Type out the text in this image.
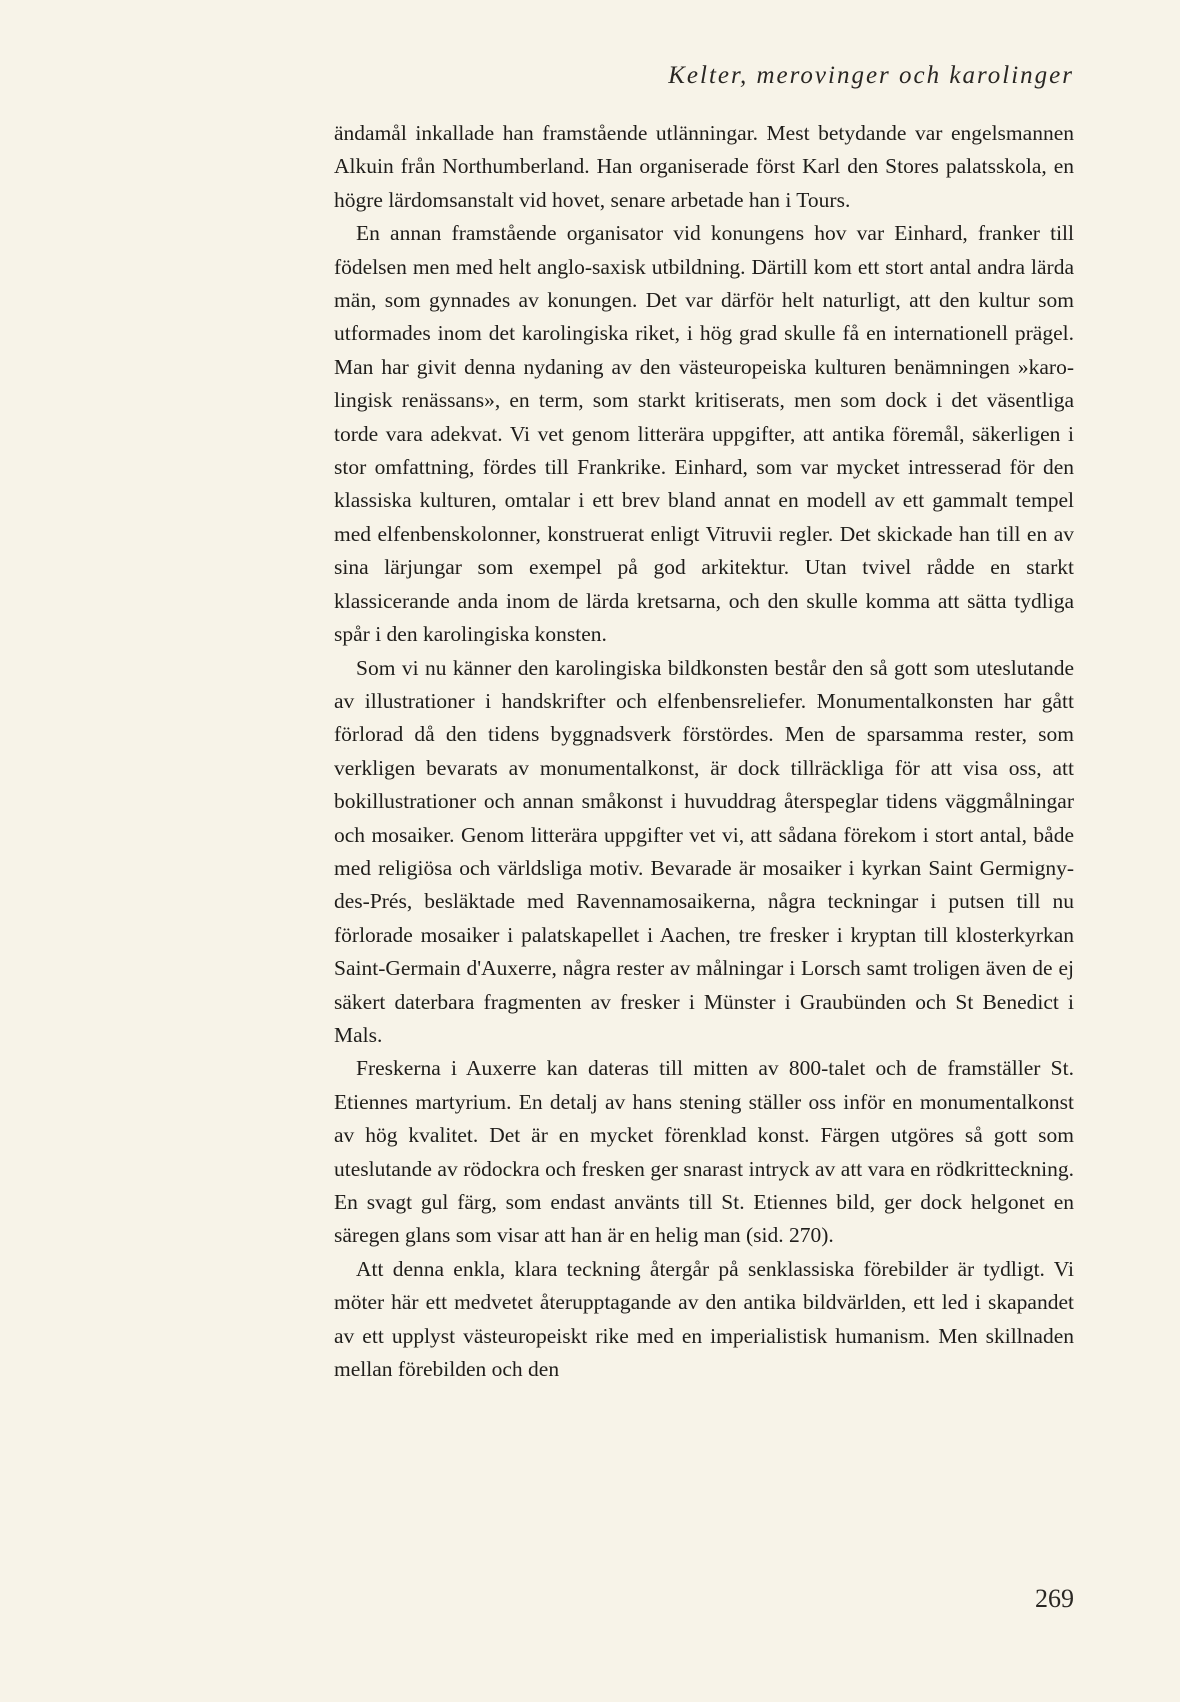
Kelter, merovinger och karolinger

ändamål inkallade han framstående utlänningar. Mest betydande var engelsmannen Alkuin från Northumberland. Han organiserade först Karl den Stores palatsskola, en högre lärdomsanstalt vid hovet, senare arbetade han i Tours.

En annan framstående organisator vid konungens hov var Einhard, franker till födelsen men med helt anglo-saxisk utbildning. Därtill kom ett stort antal andra lärda män, som gynnades av konungen. Det var därför helt naturligt, att den kultur som utformades inom det karolingiska riket, i hög grad skulle få en internationell prägel. Man har givit denna nydaning av den västeuropeiska kulturen benämningen »karolingisk renässans», en term, som starkt kritiserats, men som dock i det väsentliga torde vara adekvat. Vi vet genom litterära uppgifter, att antika föremål, säkerligen i stor omfattning, fördes till Frankrike. Einhard, som var mycket intresserad för den klassiska kulturen, omtalar i ett brev bland annat en modell av ett gammalt tempel med elfenbenskolonner, konstruerat enligt Vitruvii regler. Det skickade han till en av sina lärjungar som exempel på god arkitektur. Utan tvivel rådde en starkt klassicerande anda inom de lärda kretsarna, och den skulle komma att sätta tydliga spår i den karolingiska konsten.

Som vi nu känner den karolingiska bildkonsten består den så gott som uteslutande av illustrationer i handskrifter och elfenbensreliefer. Monumentalkonsten har gått förlorad då den tidens byggnadsverk förstördes. Men de sparsamma rester, som verkligen bevarats av monumentalkonst, är dock tillräckliga för att visa oss, att bokillustrationer och annan småkonst i huvuddrag återspeglar tidens väggmålningar och mosaiker. Genom litterära uppgifter vet vi, att sådana förekom i stort antal, både med religiösa och världsliga motiv. Bevarade är mosaiker i kyrkan Saint Germigny-des-Prés, besläktade med Ravennamosaikerna, några teckningar i putsen till nu förlorade mosaiker i palatskapellet i Aachen, tre fresker i kryptan till klosterkyrkan Saint-Germain d'Auxerre, några rester av målningar i Lorsch samt troligen även de ej säkert daterbara fragmenten av fresker i Münster i Graubünden och St Benedict i Mals.

Freskerna i Auxerre kan dateras till mitten av 800-talet och de framställer St. Etiennes martyrium. En detalj av hans stening ställer oss inför en monumentalkonst av hög kvalitet. Det är en mycket förenklad konst. Färgen utgöres så gott som uteslutande av rödockra och fresken ger snarast intryck av att vara en rödkritteckning. En svagt gul färg, som endast använts till St. Etiennes bild, ger dock helgonet en säregen glans som visar att han är en helig man (sid. 270).

Att denna enkla, klara teckning återgår på senklassiska förebilder är tydligt. Vi möter här ett medvetet återupptagande av den antika bildvärlden, ett led i skapandet av ett upplyst västeuropeiskt rike med en imperialistisk humanism. Men skillnaden mellan förebilden och den

269
